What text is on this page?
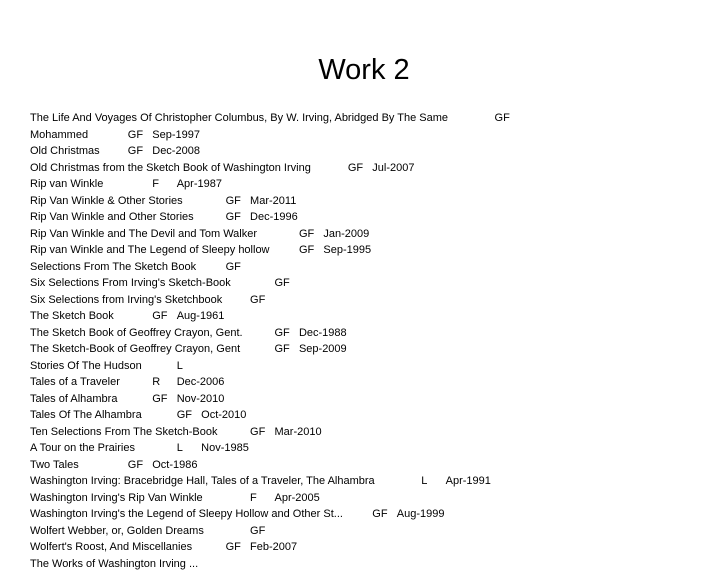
Work 2
The Life And Voyages Of Christopher Columbus, By W. Irving, Abridged By The Same		GF
Mohammed		GF	Sep-1997
Old Christmas		GF	Dec-2008
Old Christmas from the Sketch Book of Washington Irving		GF	Jul-2007
Rip van Winkle		F	Apr-1987
Rip Van Winkle & Other Stories		GF	Mar-2011
Rip Van Winkle and Other Stories		GF	Dec-1996
Rip Van Winkle and The Devil and Tom Walker		GF	Jan-2009
Rip van Winkle and The Legend of Sleepy hollow		GF	Sep-1995
Selections From The Sketch Book		GF
Six Selections From Irving's Sketch-Book		GF
Six Selections from Irving's Sketchbook		GF
The Sketch Book		GF	Aug-1961
The Sketch Book of Geoffrey Crayon, Gent.		GF	Dec-1988
The Sketch-Book of Geoffrey Crayon, Gent		GF	Sep-2009
Stories Of The Hudson		L
Tales of a Traveler		R	Dec-2006
Tales of Alhambra		GF	Nov-2010
Tales Of The Alhambra		GF	Oct-2010
Ten Selections From The Sketch-Book		GF	Mar-2010
A Tour on the Prairies		L	Nov-1985
Two Tales		GF	Oct-1986
Washington Irving: Bracebridge Hall, Tales of a Traveler, The Alhambra		L	Apr-1991
Washington Irving's Rip Van Winkle		F	Apr-2005
Washington Irving's the Legend of Sleepy Hollow and Other St...		GF	Aug-1999
Wolfert Webber, or, Golden Dreams		GF
Wolfert's Roost, And Miscellanies		GF	Feb-2007
The Works of Washington Irving ...
